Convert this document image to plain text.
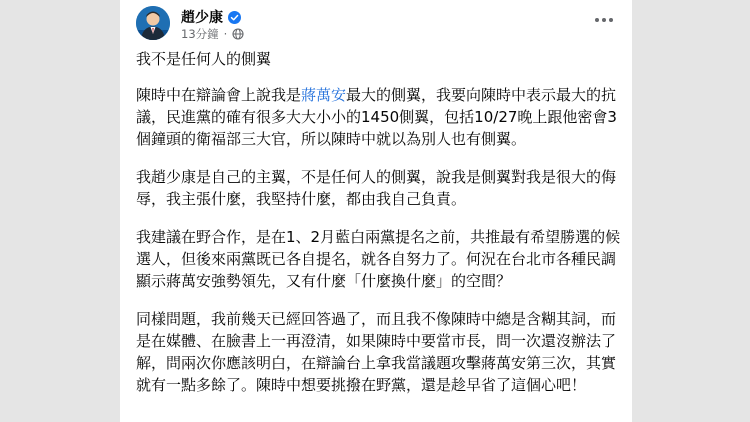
趙少康
13分鐘 ·

我不是任何人的側翼

陳時中在辯論會上說我是蔣萬安最大的側翼，我要向陳時中表示最大的抗議，民進黨的確有很多大大小小的1450側翼，包括10/27晚上跟他密會3個鐘頭的衛福部三大官，所以陳時中就以為別人也有側翼。

我趙少康是自己的主翼，不是任何人的側翼，說我是側翼對我是很大的侮辱，我主張什麼，我堅持什麼，都由我自己負責。

我建議在野合作，是在1、2月藍白兩黨提名之前，共推最有希望勝選的候選人，但後來兩黨既已各自提名，就各自努力了。何況在台北市各種民調顯示蔣萬安強勢領先，又有什麼「什麼換什麼」的空間？

同樣問題，我前幾天已經回答過了，而且我不像陳時中總是含糊其詞，而是在媒體、在臉書上一再澄清，如果陳時中要當市長，問一次還沒辦法了解，問兩次你應該明白，在辯論台上拿我當議題攻擊蔣萬安第三次，其實就有一點多餘了。陳時中想要挑撥在野黨，還是趁早省了這個心吧！
